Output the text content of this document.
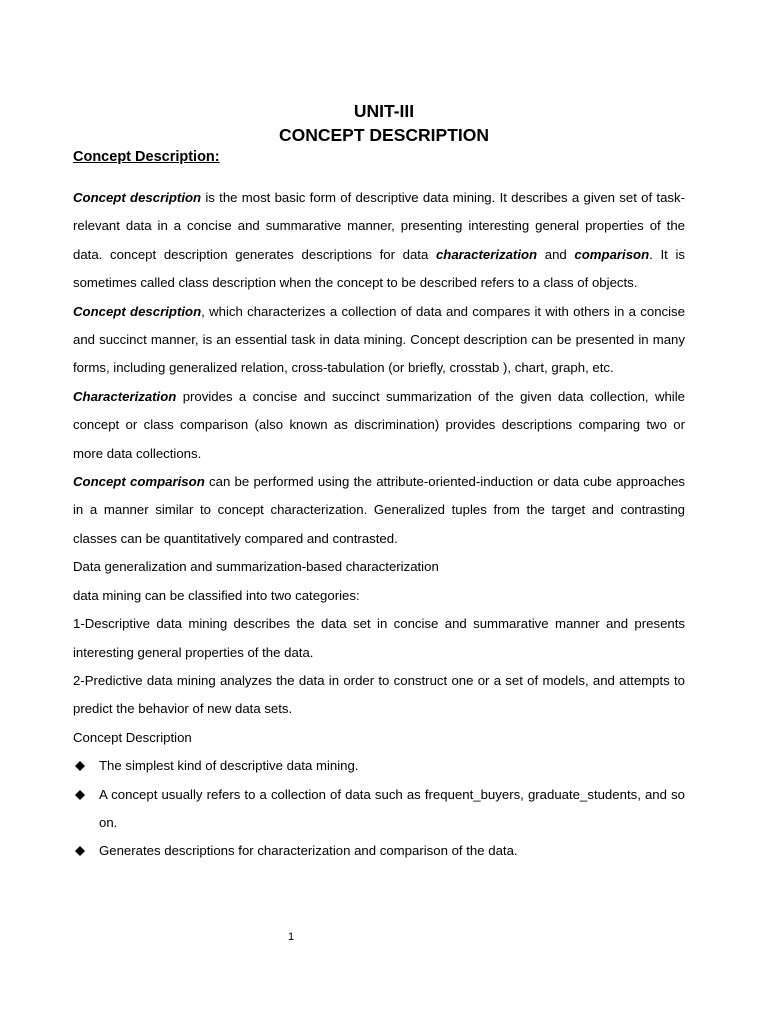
UNIT-III
CONCEPT DESCRIPTION
Concept Description:

Concept description is the most basic form of descriptive data mining. It describes a given set of task-relevant data in a concise and summarative manner, presenting interesting general properties of the data. concept description generates descriptions for data characterization and comparison. It is sometimes called class description when the concept to be described refers to a class of objects.

Concept description, which characterizes a collection of data and compares it with others in a concise and succinct manner, is an essential task in data mining. Concept description can be presented in many forms, including generalized relation, cross-tabulation (or briefly, crosstab ), chart, graph, etc.

Characterization provides a concise and succinct summarization of the given data collection, while concept or class comparison (also known as discrimination) provides descriptions comparing two or more data collections.

Concept comparison can be performed using the attribute-oriented-induction or data cube approaches in a manner similar to concept characterization. Generalized tuples from the target and contrasting classes can be quantitatively compared and contrasted.

Data generalization and summarization-based characterization

data mining can be classified into two categories:

1-Descriptive data mining describes the data set in concise and summarative manner and presents interesting general properties of the data.

2-Predictive data mining analyzes the data in order to construct one or a set of models, and attempts to predict the behavior of new data sets.

Concept Description

The simplest kind of descriptive data mining.
A concept usually refers to a collection of data such as frequent_buyers, graduate_students, and so on.
Generates descriptions for characterization and comparison of the data.

1
